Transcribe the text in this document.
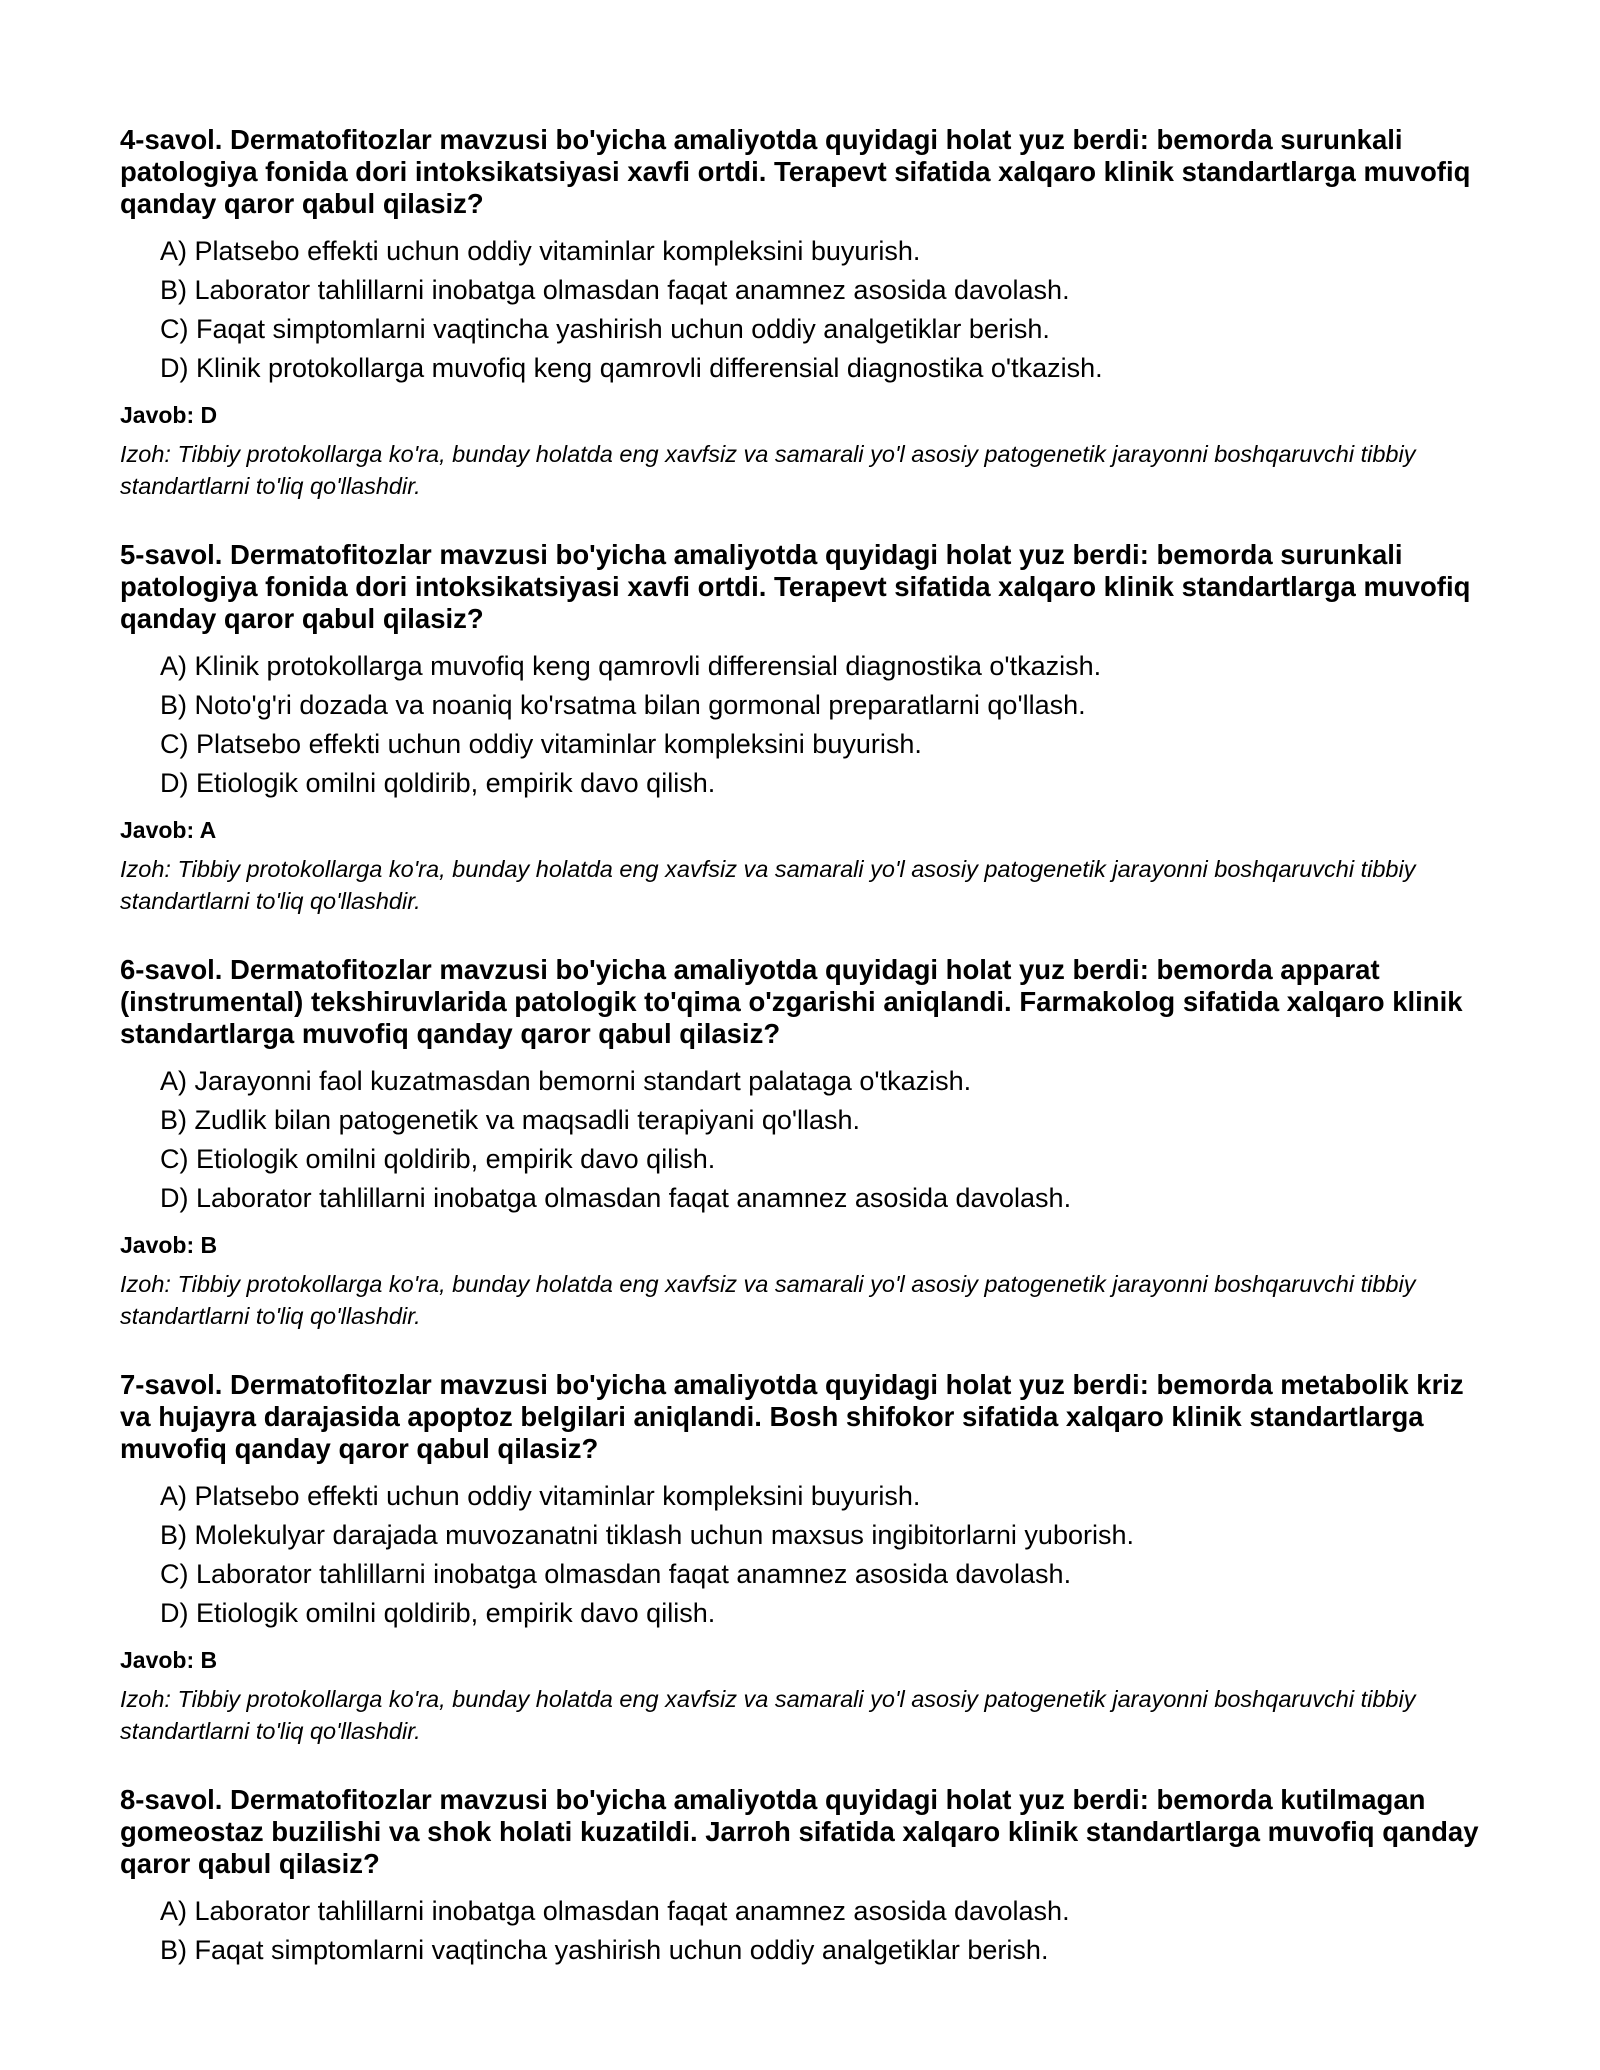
4-savol. Dermatofitozlar mavzusi bo'yicha amaliyotda quyidagi holat yuz berdi: bemorda surunkali patologiya fonida dori intoksikatsiyasi xavfi ortdi. Terapevt sifatida xalqaro klinik standartlarga muvofiq qanday qaror qabul qilasiz?

A) Platsebo effekti uchun oddiy vitaminlar kompleksini buyurish.
B) Laborator tahlillarni inobatga olmasdan faqat anamnez asosida davolash.
C) Faqat simptomlarni vaqtincha yashirish uchun oddiy analgetiklar berish.
D) Klinik protokollarga muvofiq keng qamrovli differensial diagnostika o'tkazish.

Javob: D

Izoh: Tibbiy protokollarga ko'ra, bunday holatda eng xavfsiz va samarali yo'l asosiy patogenetik jarayonni boshqaruvchi tibbiy standartlarni to'liq qo'llashdir.

5-savol. Dermatofitozlar mavzusi bo'yicha amaliyotda quyidagi holat yuz berdi: bemorda surunkali patologiya fonida dori intoksikatsiyasi xavfi ortdi. Terapevt sifatida xalqaro klinik standartlarga muvofiq qanday qaror qabul qilasiz?

A) Klinik protokollarga muvofiq keng qamrovli differensial diagnostika o'tkazish.
B) Noto'g'ri dozada va noaniq ko'rsatma bilan gormonal preparatlarni qo'llash.
C) Platsebo effekti uchun oddiy vitaminlar kompleksini buyurish.
D) Etiologik omilni qoldirib, empirik davo qilish.

Javob: A

Izoh: Tibbiy protokollarga ko'ra, bunday holatda eng xavfsiz va samarali yo'l asosiy patogenetik jarayonni boshqaruvchi tibbiy standartlarni to'liq qo'llashdir.

6-savol. Dermatofitozlar mavzusi bo'yicha amaliyotda quyidagi holat yuz berdi: bemorda apparat (instrumental) tekshiruvlarida patologik to'qima o'zgarishi aniqlandi. Farmakolog sifatida xalqaro klinik standartlarga muvofiq qanday qaror qabul qilasiz?

A) Jarayonni faol kuzatmasdan bemorni standart palataga o'tkazish.
B) Zudlik bilan patogenetik va maqsadli terapiyani qo'llash.
C) Etiologik omilni qoldirib, empirik davo qilish.
D) Laborator tahlillarni inobatga olmasdan faqat anamnez asosida davolash.

Javob: B

Izoh: Tibbiy protokollarga ko'ra, bunday holatda eng xavfsiz va samarali yo'l asosiy patogenetik jarayonni boshqaruvchi tibbiy standartlarni to'liq qo'llashdir.

7-savol. Dermatofitozlar mavzusi bo'yicha amaliyotda quyidagi holat yuz berdi: bemorda metabolik kriz va hujayra darajasida apoptoz belgilari aniqlandi. Bosh shifokor sifatida xalqaro klinik standartlarga muvofiq qanday qaror qabul qilasiz?

A) Platsebo effekti uchun oddiy vitaminlar kompleksini buyurish.
B) Molekulyar darajada muvozanatni tiklash uchun maxsus ingibitorlarni yuborish.
C) Laborator tahlillarni inobatga olmasdan faqat anamnez asosida davolash.
D) Etiologik omilni qoldirib, empirik davo qilish.

Javob: B

Izoh: Tibbiy protokollarga ko'ra, bunday holatda eng xavfsiz va samarali yo'l asosiy patogenetik jarayonni boshqaruvchi tibbiy standartlarni to'liq qo'llashdir.

8-savol. Dermatofitozlar mavzusi bo'yicha amaliyotda quyidagi holat yuz berdi: bemorda kutilmagan gomeostaz buzilishi va shok holati kuzatildi. Jarroh sifatida xalqaro klinik standartlarga muvofiq qanday qaror qabul qilasiz?

A) Laborator tahlillarni inobatga olmasdan faqat anamnez asosida davolash.
B) Faqat simptomlarni vaqtincha yashirish uchun oddiy analgetiklar berish.
